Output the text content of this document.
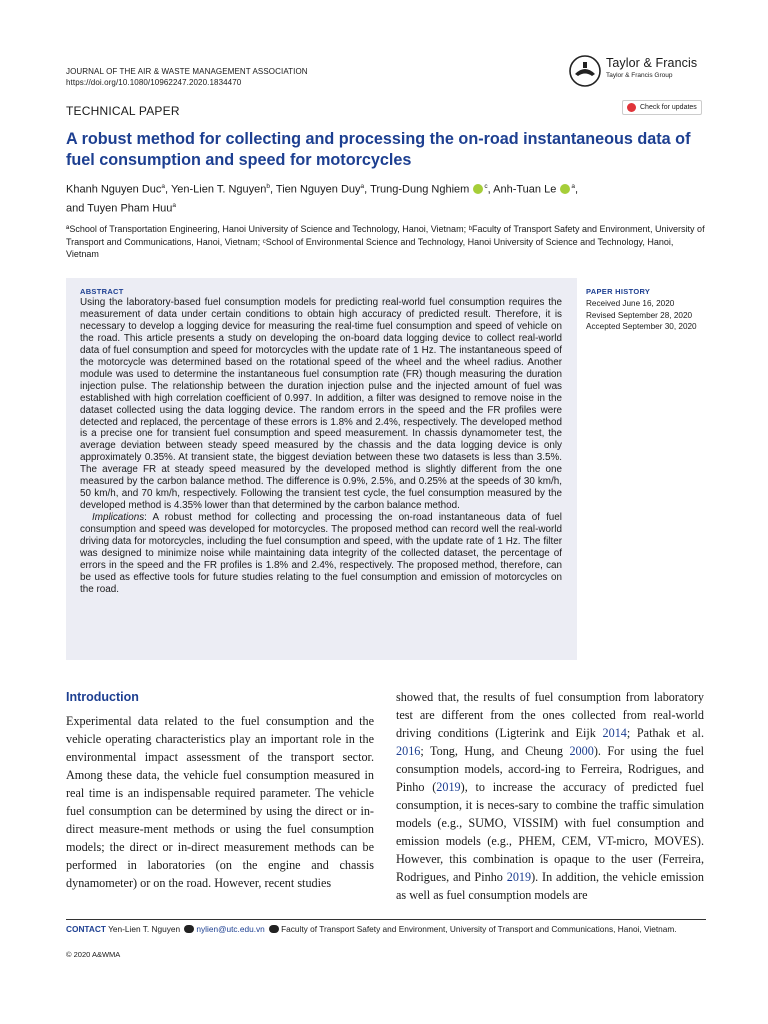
JOURNAL OF THE AIR & WASTE MANAGEMENT ASSOCIATION
https://doi.org/10.1080/10962247.2020.1834470
Taylor & Francis
Taylor & Francis Group
TECHNICAL PAPER	Check for updates
A robust method for collecting and processing the on-road instantaneous data of fuel consumption and speed for motorcycles
Khanh Nguyen Duc$^a$, Yen-Lien T. Nguyen$^b$, Tien Nguyen Duy$^a$, Trung-Dung Nghiem $^c$, Anh-Tuan Le $^a$,
and Tuyen Pham Huu$^a$
ªSchool of Transportation Engineering, Hanoi University of Science and Technology, Hanoi, Vietnam; ᵇFaculty of Transport Safety and Environment, University of Transport and Communications, Hanoi, Vietnam; ᶜSchool of Environmental Science and Technology, Hanoi University of Science and Technology, Hanoi, Vietnam
ABSTRACT

Using the laboratory-based fuel consumption models for predicting real-world fuel consumption requires the measurement of data under certain conditions to obtain high accuracy of predicted result. Therefore, it is necessary to develop a logging device for measuring the real-time fuel consumption and speed of vehicle on the road. This article presents a study on developing the on-board data logging device to collect real-world data of fuel consumption and speed for motorcycles with the update rate of 1 Hz. The instantaneous speed of the motorcycle was determined based on the rotational speed of the wheel and the wheel radius. Another module was used to determine the instantaneous fuel consumption rate (FR) though measuring the duration injection pulse. The relationship between the duration injection pulse and the injected amount of fuel was established with high correlation coefficient of 0.997. In addition, a filter was designed to remove noise in the dataset collected using the data logging device. The random errors in the speed and the FR profiles were detected and replaced, the percentage of these errors is 1.8% and 2.4%, respectively. The developed method is a precise one for transient fuel consumption and speed measurement. In chassis dynamometer test, the average deviation between steady speed measured by the chassis and the data logging device is only approximately 0.35%. At transient state, the biggest deviation between these two datasets is less than 3.5%. The average FR at steady speed measured by the developed method is slightly different from the one measured by the carbon balance method. The difference is 0.9%, 2.5%, and 0.25% at the speeds of 30 km/h, 50 km/h, and 70 km/h, respectively. Following the transient test cycle, the fuel consumption measured by the developed method is 4.35% lower than that determined by the carbon balance method.

Implications: A robust method for collecting and processing the on-road instantaneous data of fuel consumption and speed was developed for motorcycles. The proposed method can record well the real-world driving data for motorcycles, including the fuel consumption and speed, with the update rate of 1 Hz. The filter was designed to minimize noise while maintaining data integrity of the collected dataset, the percentage of errors in the speed and the FR profiles is 1.8% and 2.4%, respectively. The proposed method, therefore, can be used as effective tools for future studies relating to the fuel consumption and emission of motorcycles on the road.

PAPER HISTORY
Received June 16, 2020
Revised September 28, 2020
Accepted September 30, 2020
Introduction
Experimental data related to the fuel consumption and the vehicle operating characteristics play an important role in the environmental impact assessment of the transport sector. Among these data, the vehicle fuel consumption measured in real time is an indispensable required parameter. The vehicle fuel consumption can be determined by using the direct or in-direct measure-ment methods or using the fuel consumption models; the direct or in-direct measurement methods can be performed in laboratories (on the engine and chassis dynamometer) or on the road. However, recent studies
showed that, the results of fuel consumption from laboratory test are different from the ones collected from real-world driving conditions (Ligterink and Eijk 2014; Pathak et al. 2016; Tong, Hung, and Cheung 2000). For using the fuel consumption models, accord-ing to Ferreira, Rodrigues, and Pinho (2019), to increase the accuracy of predicted fuel consumption, it is neces-sary to combine the traffic simulation models (e.g., SUMO, VISSIM) with fuel consumption and emission models (e.g., PHEM, CEM, VT-micro, MOVES). However, this combination is opaque to the user (Ferreira, Rodrigues, and Pinho 2019). In addition, the vehicle emission as well as fuel consumption models are
CONTACT Yen-Lien T. Nguyen nylien@utc.edu.vn Faculty of Transport Safety and Environment, University of Transport and Communications, Hanoi, Vietnam.
© 2020 A&WMA
